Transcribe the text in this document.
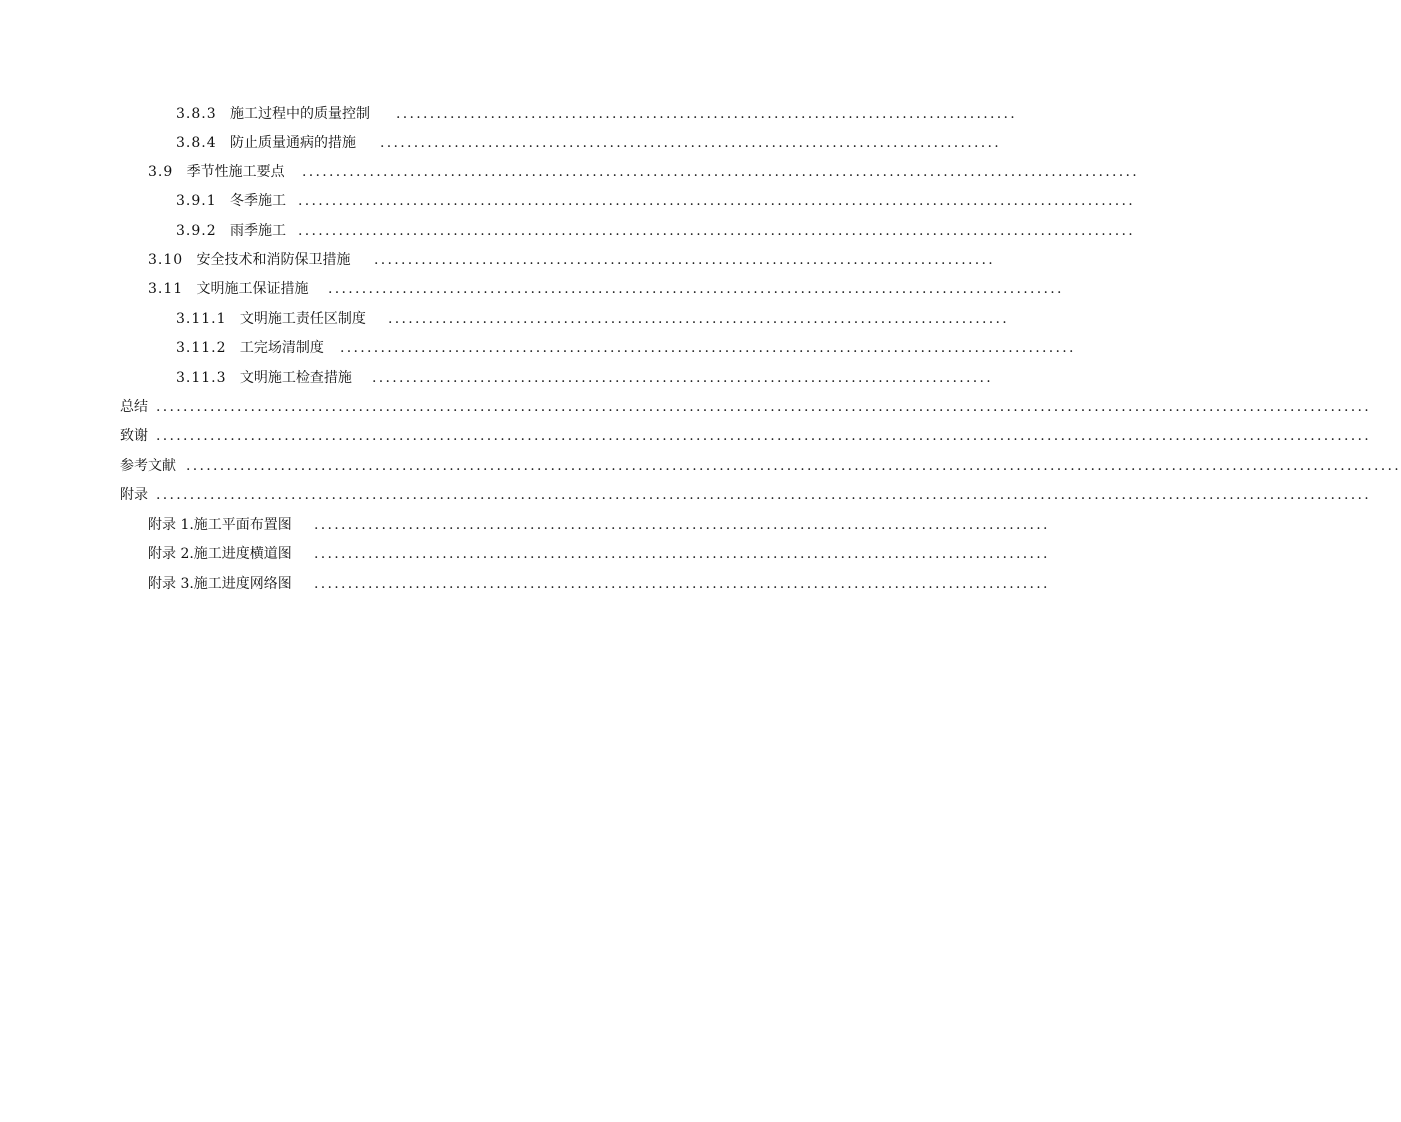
3.8.3 施工过程中的质量控制 ............................................................................................
3.8.4 防止质量通病的措施 ............................................................................................
3.9 季节性施工要点 ............................................................................................................................
3.9.1 冬季施工 ............................................................................................................................
3.9.2 雨季施工 ............................................................................................................................
3.10 安全技术和消防保卫措施 ............................................................................................
3.11 文明施工保证措施 .............................................................................................................
3.11.1 文明施工责任区制度 ............................................................................................
3.11.2 工完场清制度 .............................................................................................................
3.11.3 文明施工检查措施 ............................................................................................
总结 ....................................................................................................................................................................................
致谢 ....................................................................................................................................................................................
参考文献 ....................................................................................................................................................................................
附录 ....................................................................................................................................................................................
附录 1.施工平面布置图 .............................................................................................................
附录 2.施工进度横道图 .............................................................................................................
附录 3.施工进度网络图 .............................................................................................................
